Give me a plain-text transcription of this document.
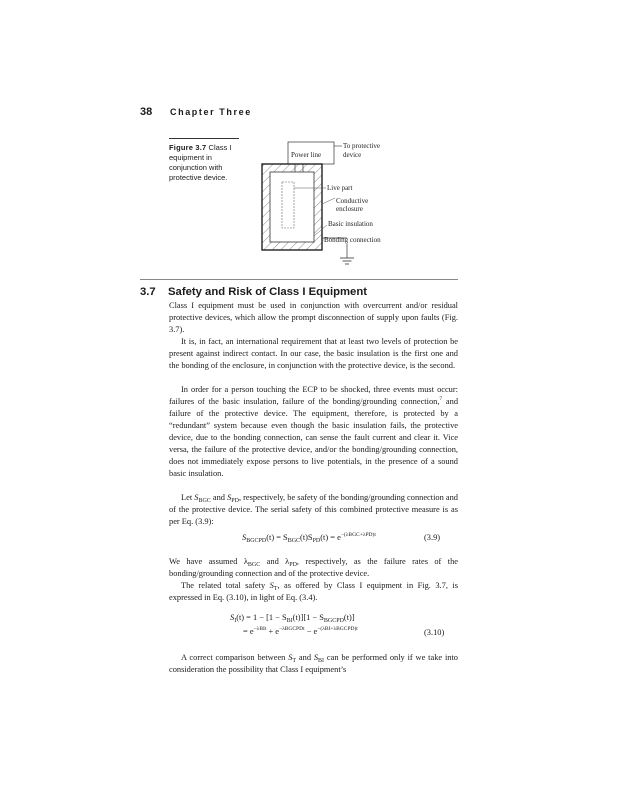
38 Chapter Three
Figure 3.7 Class I equipment in conjunction with protective device.
Power line
To protective
device
Live part
Conductive
enclosure
Basic insulation
Bonding connection
3.7 Safety and Risk of Class I Equipment

Class I equipment must be used in conjunction with overcurrent and/or residual protective devices, which allow the prompt disconnection of supply upon faults (Fig. 3.7).

It is, in fact, an international requirement that at least two levels of protection be present against indirect contact. In our case, the basic insulation is the first one and the bonding of the enclosure, in conjunction with the protective device, is the second.

In order for a person touching the ECP to be shocked, three events must occur: failures of the basic insulation, failure of the bonding/grounding connection,$^7$ and failure of the protective device. The equipment, therefore, is protected by a “redundant” system because even though the basic insulation fails, the protective device, due to the bonding connection, can sense the fault current and clear it. Vice versa, the failure of the protective device, and/or the bonding/grounding connection, does not immediately expose persons to live potentials, in the presence of a sound basic insulation.

Let $S_{BGC}$ and $S_{PD}$, respectively, be safety of the bonding/grounding connection and of the protective device. The serial safety of this combined protective measure is as per Eq. (3.9):

$S_{BGCPD}(t) = S_{BGC}(t)S_{PD}(t) = e^{-(\lambda BGC+\lambda PD)t}$	(3.9)

We have assumed $\lambda_{BGC}$ and $\lambda_{PD}$, respectively, as the failure rates of the bonding/grounding connection and of the protective device.

The related total safety $S_T$, as offered by Class I equipment in Fig. 3.7, is expressed in Eq. (3.10), in light of Eq. (3.4).

$S_I(t) = 1 - [1 - S_{BI}(t)][1 - S_{BGCPD}(t)]$
= $e^{-\lambda BIt} + e^{-\lambda BGCPDt} - e^{-(\lambda BI+\lambda BGCPD)t}$	(3.10)

A correct comparison between $S_T$ and $S_{BI}$ can be performed only if we take into consideration the possibility that Class I equipment’s
